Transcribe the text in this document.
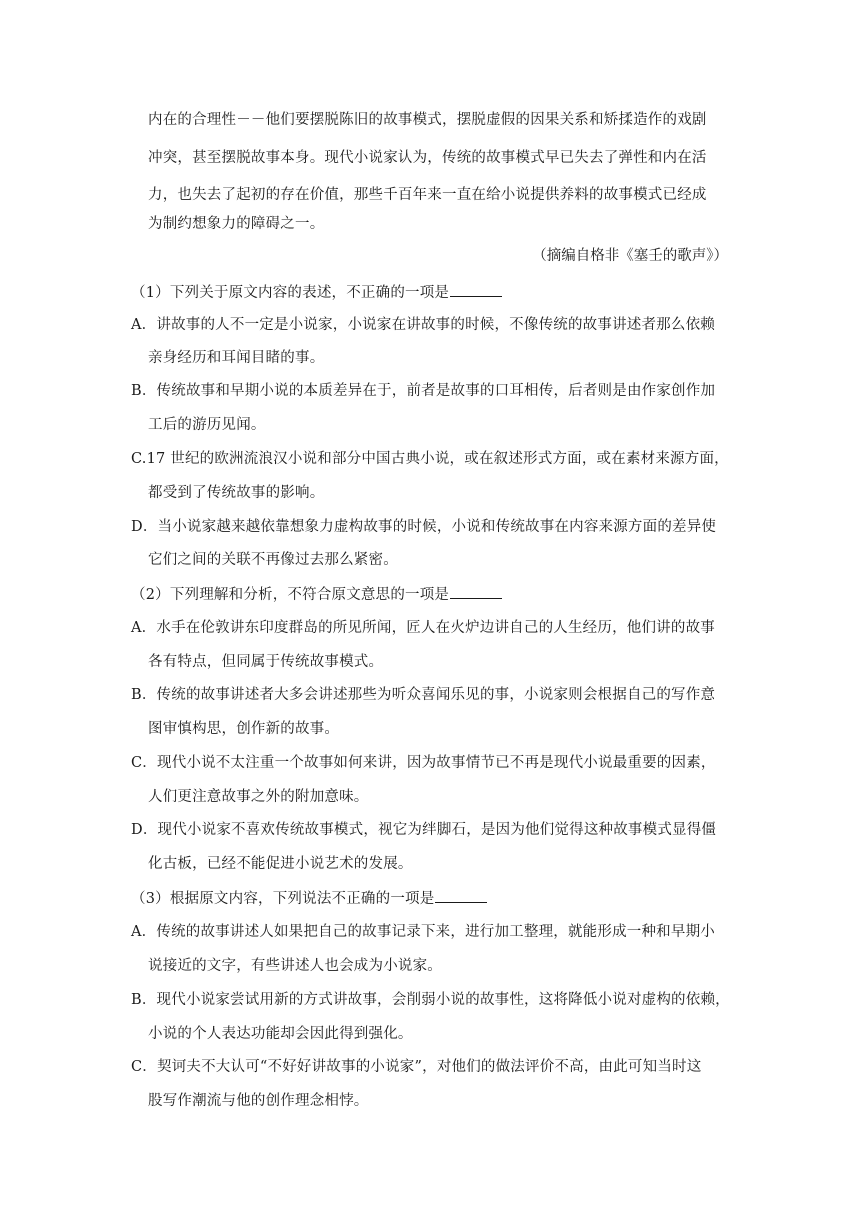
内在的合理性－－他们要摆脱陈旧的故事模式，摆脱虚假的因果关系和矫揉造作的戏剧
冲突，甚至摆脱故事本身。现代小说家认为，传统的故事模式早已失去了弹性和内在活
力，也失去了起初的存在价值，那些千百年来一直在给小说提供养料的故事模式已经成
为制约想象力的障碍之一。
（摘编自格非《塞壬的歌声》）
（1）下列关于原文内容的表述，不正确的一项是
A．讲故事的人不一定是小说家，小说家在讲故事的时候，不像传统的故事讲述者那么依赖
亲身经历和耳闻目睹的事。
B．传统故事和早期小说的本质差异在于，前者是故事的口耳相传，后者则是由作家创作加
工后的游历见闻。
C.17 世纪的欧洲流浪汉小说和部分中国古典小说，或在叙述形式方面，或在素材来源方面，
都受到了传统故事的影响。
D．当小说家越来越依靠想象力虚构故事的时候，小说和传统故事在内容来源方面的差异使
它们之间的关联不再像过去那么紧密。
（2）下列理解和分析，不符合原文意思的一项是
A．水手在伦敦讲东印度群岛的所见所闻，匠人在火炉边讲自己的人生经历，他们讲的故事
各有特点，但同属于传统故事模式。
B．传统的故事讲述者大多会讲述那些为听众喜闻乐见的事，小说家则会根据自己的写作意
图审慎构思，创作新的故事。
C．现代小说不太注重一个故事如何来讲，因为故事情节已不再是现代小说最重要的因素，
人们更注意故事之外的附加意味。
D．现代小说家不喜欢传统故事模式，视它为绊脚石，是因为他们觉得这种故事模式显得僵
化古板，已经不能促进小说艺术的发展。
（3）根据原文内容，下列说法不正确的一项是
A．传统的故事讲述人如果把自己的故事记录下来，进行加工整理，就能形成一种和早期小
说接近的文字，有些讲述人也会成为小说家。
B．现代小说家尝试用新的方式讲故事，会削弱小说的故事性，这将降低小说对虚构的依赖，
小说的个人表达功能却会因此得到强化。
C．契诃夫不大认可“不好好讲故事的小说家”，对他们的做法评价不高，由此可知当时这
股写作潮流与他的创作理念相悖。
